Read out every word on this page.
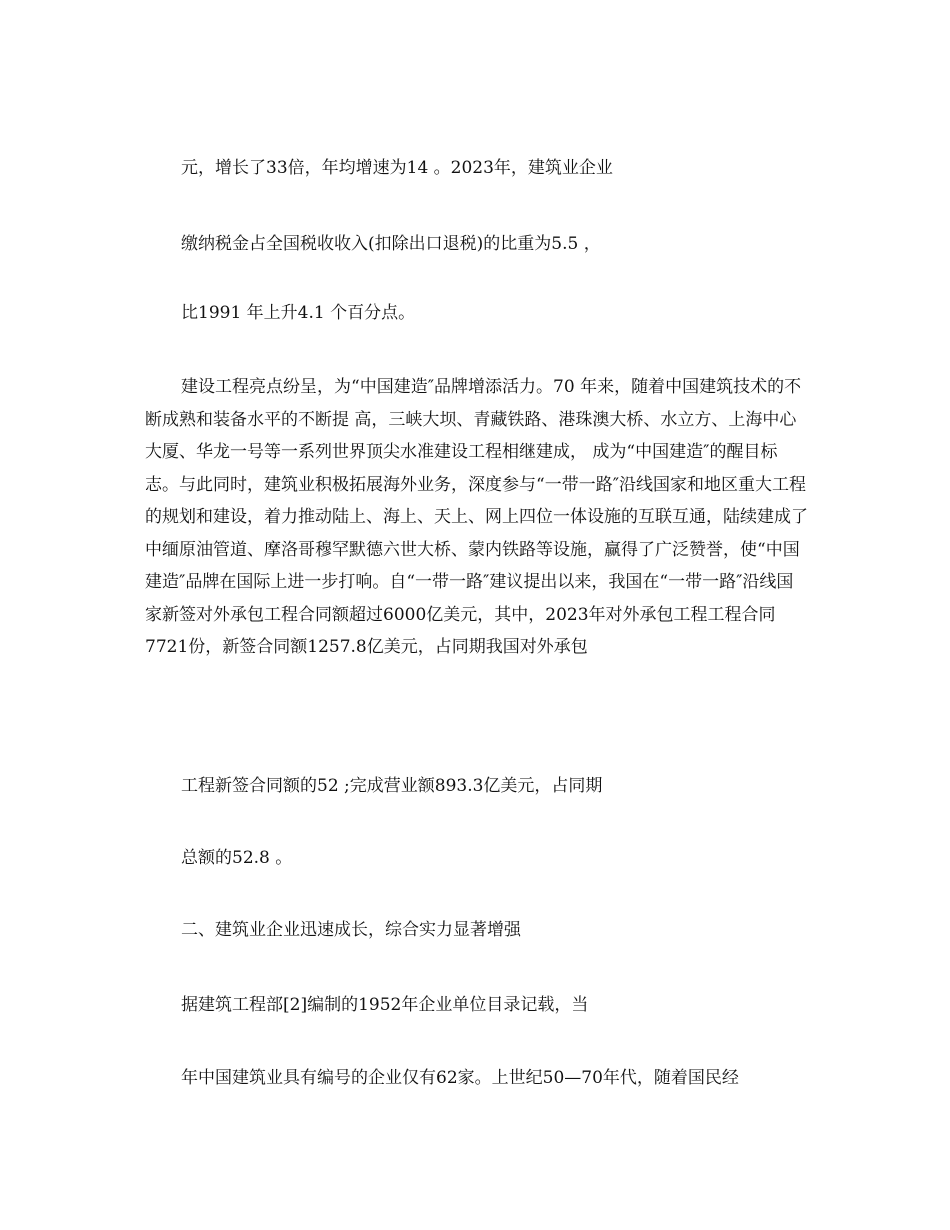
元，增长了33倍，年均增速为14 。2023年，建筑业企业
缴纳税金占全国税收收入(扣除出口退税)的比重为5.5 ，
比1991 年上升4.1 个百分点。

建设工程亮点纷呈，为“中国建造″品牌增添活力。70 年来，随着中国建筑技术的不断成熟和装备水平的不断提 高，三峡大坝、青藏铁路、港珠澳大桥、水立方、上海中心大厦、华龙一号等一系列世界顶尖水准建设工程相继建成， 成为“中国建造″的醒目标志。与此同时，建筑业积极拓展海外业务，深度参与“一带一路″沿线国家和地区重大工程的规划和建设，着力推动陆上、海上、天上、网上四位一体设施的互联互通，陆续建成了中缅原油管道、摩洛哥穆罕默德六世大桥、蒙内铁路等设施，赢得了广泛赞誉，使“中国建造″品牌在国际上进一步打响。自“一带一路″建议提出以来，我国在“一带一路″沿线国家新签对外承包工程合同额超过6000亿美元，其中，2023年对外承包工程工程合同7721份，新签合同额1257.8亿美元，占同期我国对外承包

工程新签合同额的52 ;完成营业额893.3亿美元，占同期
总额的52.8 。
二、建筑业企业迅速成长，综合实力显著增强
据建筑工程部[2]编制的1952年企业单位目录记载，当
年中国建筑业具有编号的企业仅有62家。上世纪50—70年代，随着国民经
